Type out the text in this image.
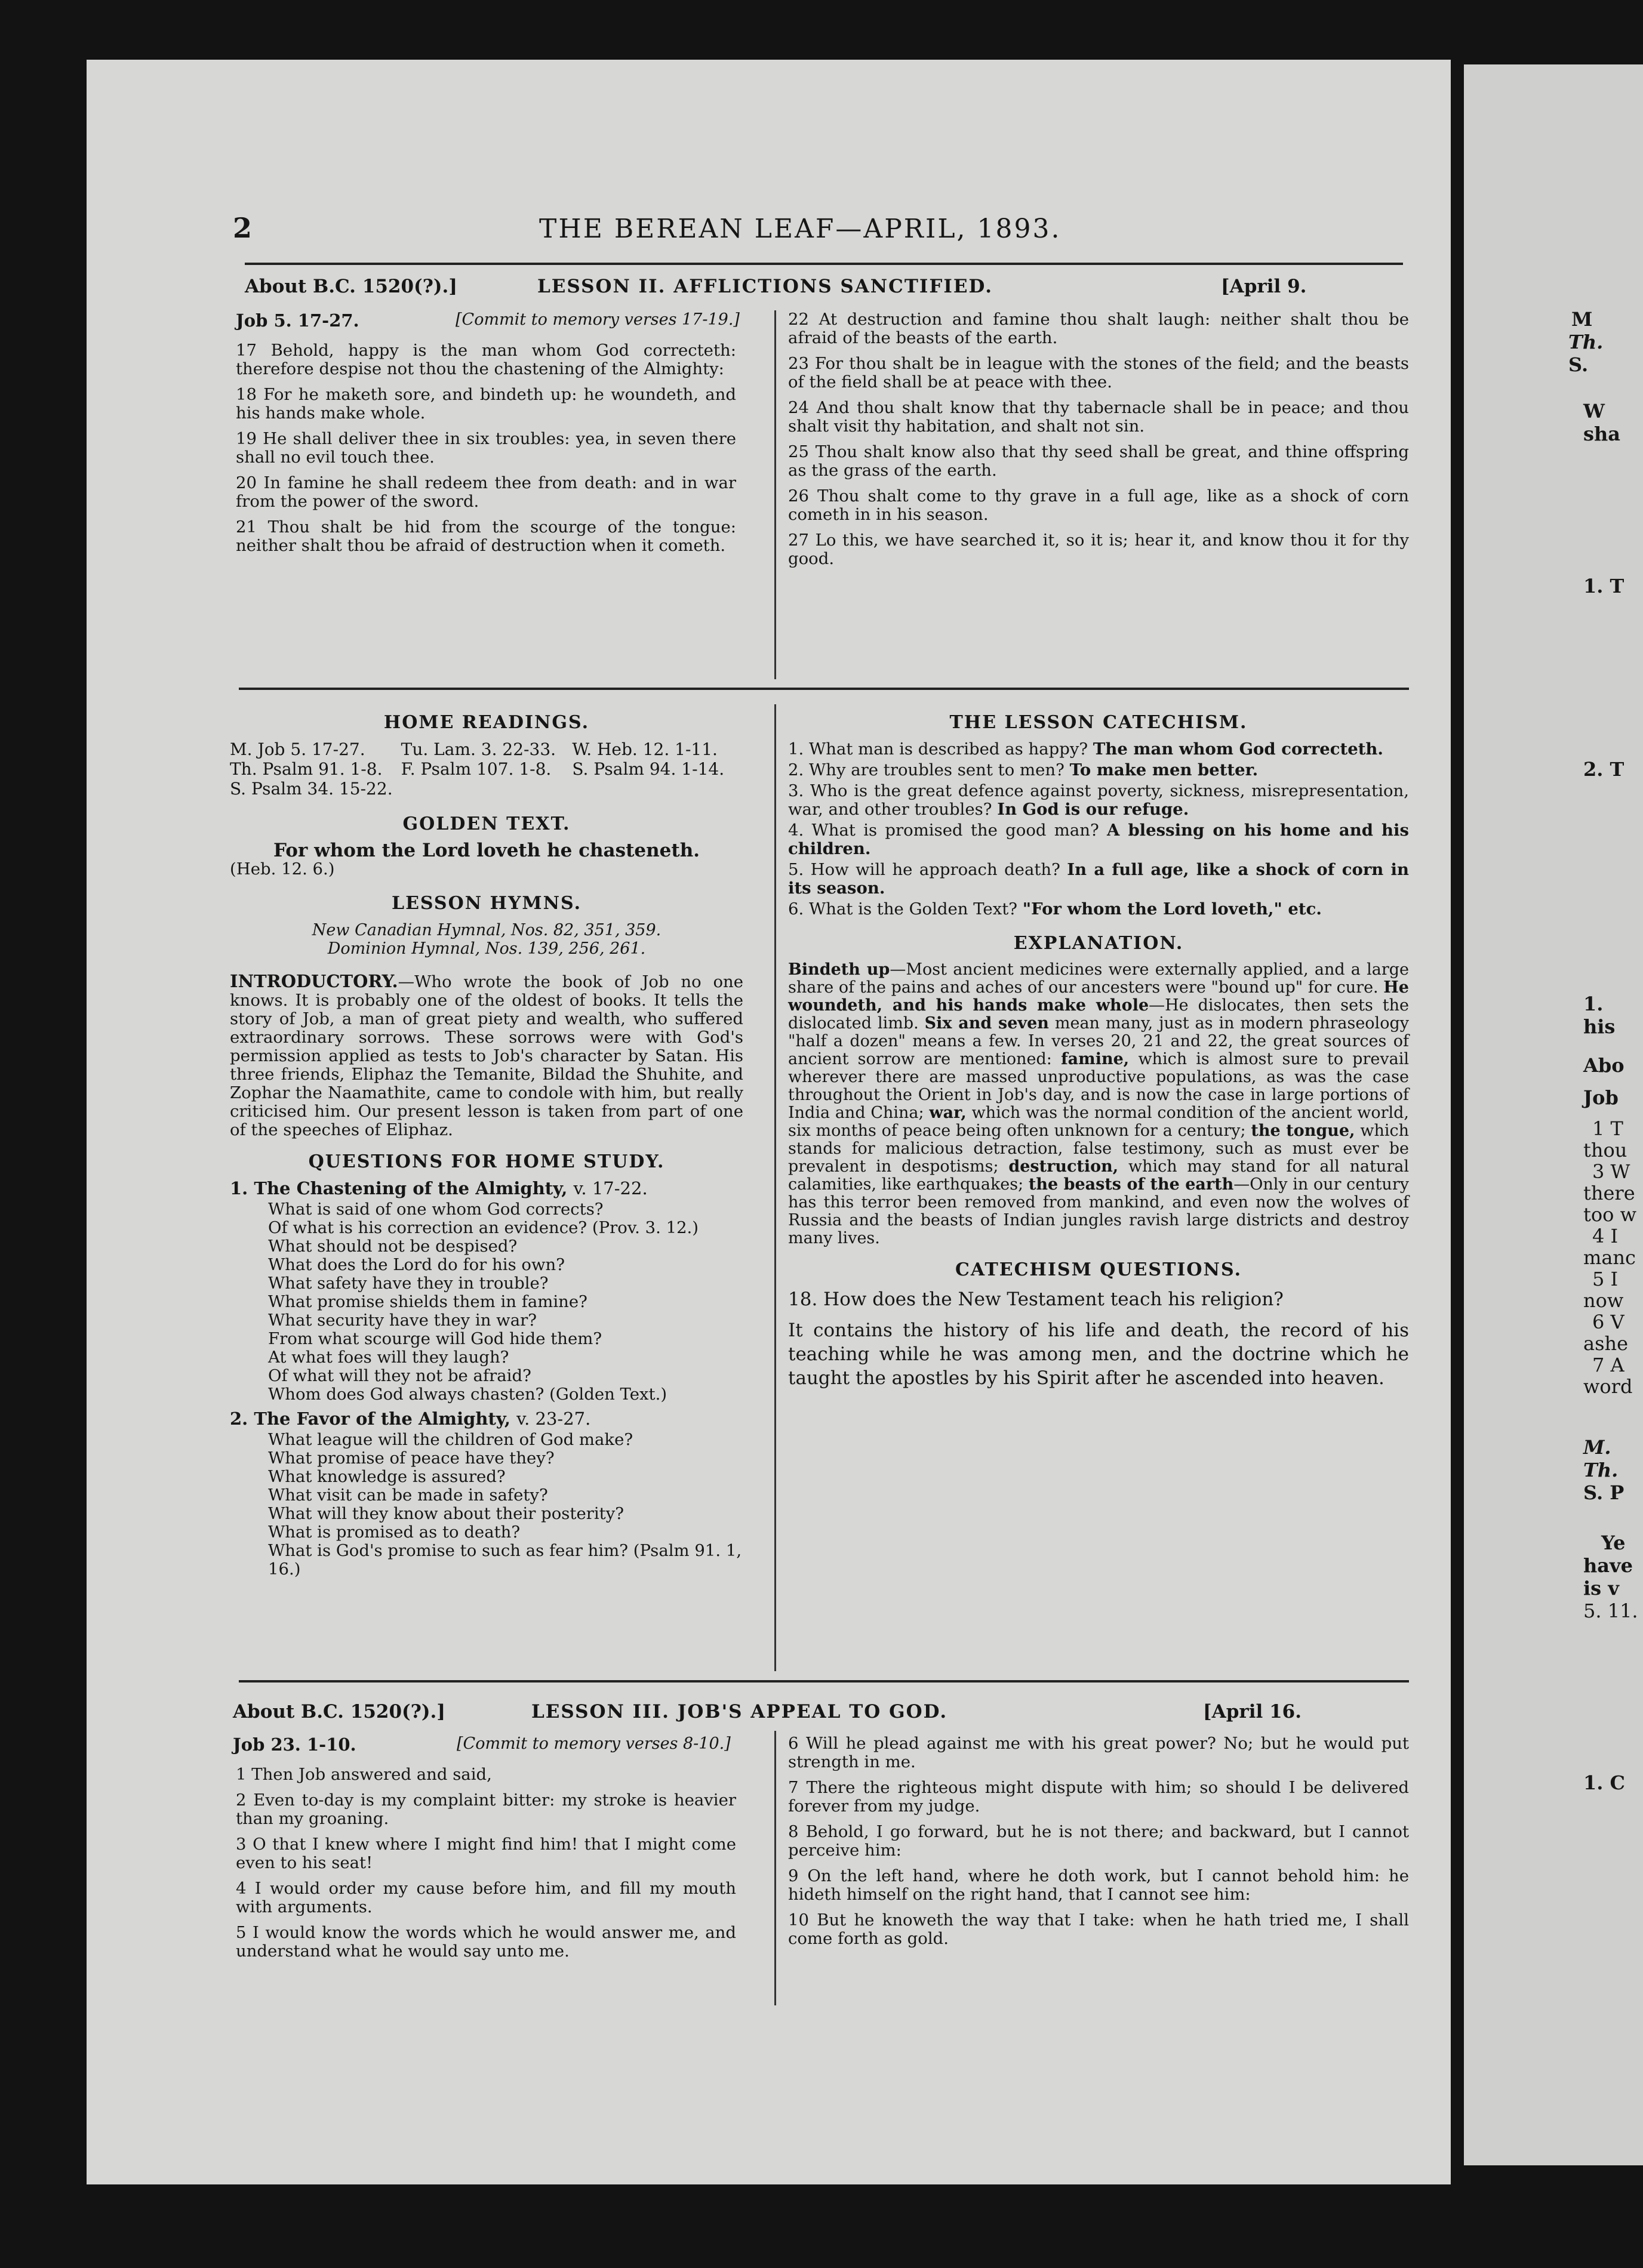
2	THE BEREAN LEAF—APRIL, 1893.
About B.C. 1520(?).]	LESSON II. AFFLICTIONS SANCTIFIED.	[April 9.
Job 5. 17-27.	[Commit to memory verses 17-19.]

17 Behold, happy is the man whom God correcteth: therefore despise not thou the chastening of the Almighty:

18 For he maketh sore, and bindeth up: he woundeth, and his hands make whole.

19 He shall deliver thee in six troubles: yea, in seven there shall no evil touch thee.

20 In famine he shall redeem thee from death: and in war from the power of the sword.

21 Thou shalt be hid from the scourge of the tongue: neither shalt thou be afraid of destruction when it cometh.

22 At destruction and famine thou shalt laugh: neither shalt thou be afraid of the beasts of the earth.

23 For thou shalt be in league with the stones of the field; and the beasts of the field shall be at peace with thee.

24 And thou shalt know that thy tabernacle shall be in peace; and thou shalt visit thy habitation, and shalt not sin.

25 Thou shalt know also that thy seed shall be great, and thine offspring as the grass of the earth.

26 Thou shalt come to thy grave in a full age, like as a shock of corn cometh in in his season.

27 Lo this, we have searched it, so it is; hear it, and know thou it for thy good.

HOME READINGS.
M. Job 5. 17-27.	Tu. Lam. 3. 22-33. W. Heb. 12. 1-11.
Th. Psalm 91. 1-8.	F. Psalm 107. 1-8.	S. Psalm 94. 1-14.
S. Psalm 34. 15-22.
GOLDEN TEXT.
For whom the Lord loveth he chasteneth.
(Heb. 12. 6.)
LESSON HYMNS.
New Canadian Hymnal, Nos. 82, 351, 359.
Dominion Hymnal, Nos. 139, 256, 261.

INTRODUCTORY.—Who wrote the book of Job no one knows. It is probably one of the oldest of books. It tells the story of Job, a man of great piety and wealth, who suffered extraordinary sorrows. These sorrows were with God's permission applied as tests to Job's character by Satan. His three friends, Eliphaz the Temanite, Bildad the Shuhite, and Zophar the Naamathite, came to condole with him, but really criticised him. Our present lesson is taken from part of one of the speeches of Eliphaz.

QUESTIONS FOR HOME STUDY.
1. The Chastening of the Almighty, v. 17-22.
What is said of one whom God corrects?
Of what is his correction an evidence? (Prov. 3. 12.)
What should not be despised?
What does the Lord do for his own?
What safety have they in trouble?
What promise shields them in famine?
What security have they in war?
From what scourge will God hide them?
At what foes will they laugh?
Of what will they not be afraid?
Whom does God always chasten? (Golden Text.)
2. The Favor of the Almighty, v. 23-27.
What league will the children of God make?
What promise of peace have they?
What knowledge is assured?
What visit can be made in safety?
What will they know about their posterity?
What is promised as to death?
What is God's promise to such as fear him? (Psalm 91. 1, 16.)
THE LESSON CATECHISM.

1. What man is described as happy? The man whom God correcteth.

2. Why are troubles sent to men? To make men better.

3. Who is the great defence against poverty, sickness, misrepresentation, war, and other troubles? In God is our refuge.

4. What is promised the good man? A blessing on his home and his children.

5. How will he approach death? In a full age, like a shock of corn in its season.

6. What is the Golden Text? "For whom the Lord loveth," etc.

EXPLANATION.

Bindeth up—Most ancient medicines were externally applied, and a large share of the pains and aches of our ancesters were "bound up" for cure. He woundeth, and his hands make whole—He dislocates, then sets the dislocated limb. Six and seven mean many, just as in modern phraseology "half a dozen" means a few. In verses 20, 21 and 22, the great sources of ancient sorrow are mentioned: famine, which is almost sure to prevail wherever there are massed unproductive populations, as was the case throughout the Orient in Job's day, and is now the case in large portions of India and China; war, which was the normal condition of the ancient world, six months of peace being often unknown for a century; the tongue, which stands for malicious detraction, false testimony, such as must ever be prevalent in despotisms; destruction, which may stand for all natural calamities, like earthquakes; the beasts of the earth—Only in our century has this terror been removed from mankind, and even now the wolves of Russia and the beasts of Indian jungles ravish large districts and destroy many lives.

CATECHISM QUESTIONS.

18. How does the New Testament teach his religion?

It contains the history of his life and death, the record of his teaching while he was among men, and the doctrine which he taught the apostles by his Spirit after he ascended into heaven.

About B.C. 1520(?).]	LESSON III. JOB'S APPEAL TO GOD.	[April 16.
Job 23. 1-10.	[Commit to memory verses 8-10.]

1 Then Job answered and said,

2 Even to-day is my complaint bitter: my stroke is heavier than my groaning.

3 O that I knew where I might find him! that I might come even to his seat!

4 I would order my cause before him, and fill my mouth with arguments.

5 I would know the words which he would answer me, and understand what he would say unto me.

6 Will he plead against me with his great power? No; but he would put strength in me.

7 There the righteous might dispute with him; so should I be delivered forever from my judge.

8 Behold, I go forward, but he is not there; and backward, but I cannot perceive him:

9 On the left hand, where he doth work, but I cannot behold him: he hideth himself on the right hand, that I cannot see him:

10 But he knoweth the way that I take: when he hath tried me, I shall come forth as gold.

M
Th.
S.
W
sha
1. T
2. T
1.
his
Abo
Job
1 T
thou
3 W
there
too w
4 I
manc
5 I
now
6 V
ashe
7 A
word
M.
Th.
S. P
Ye
have
is v
5. 11.
1. C
